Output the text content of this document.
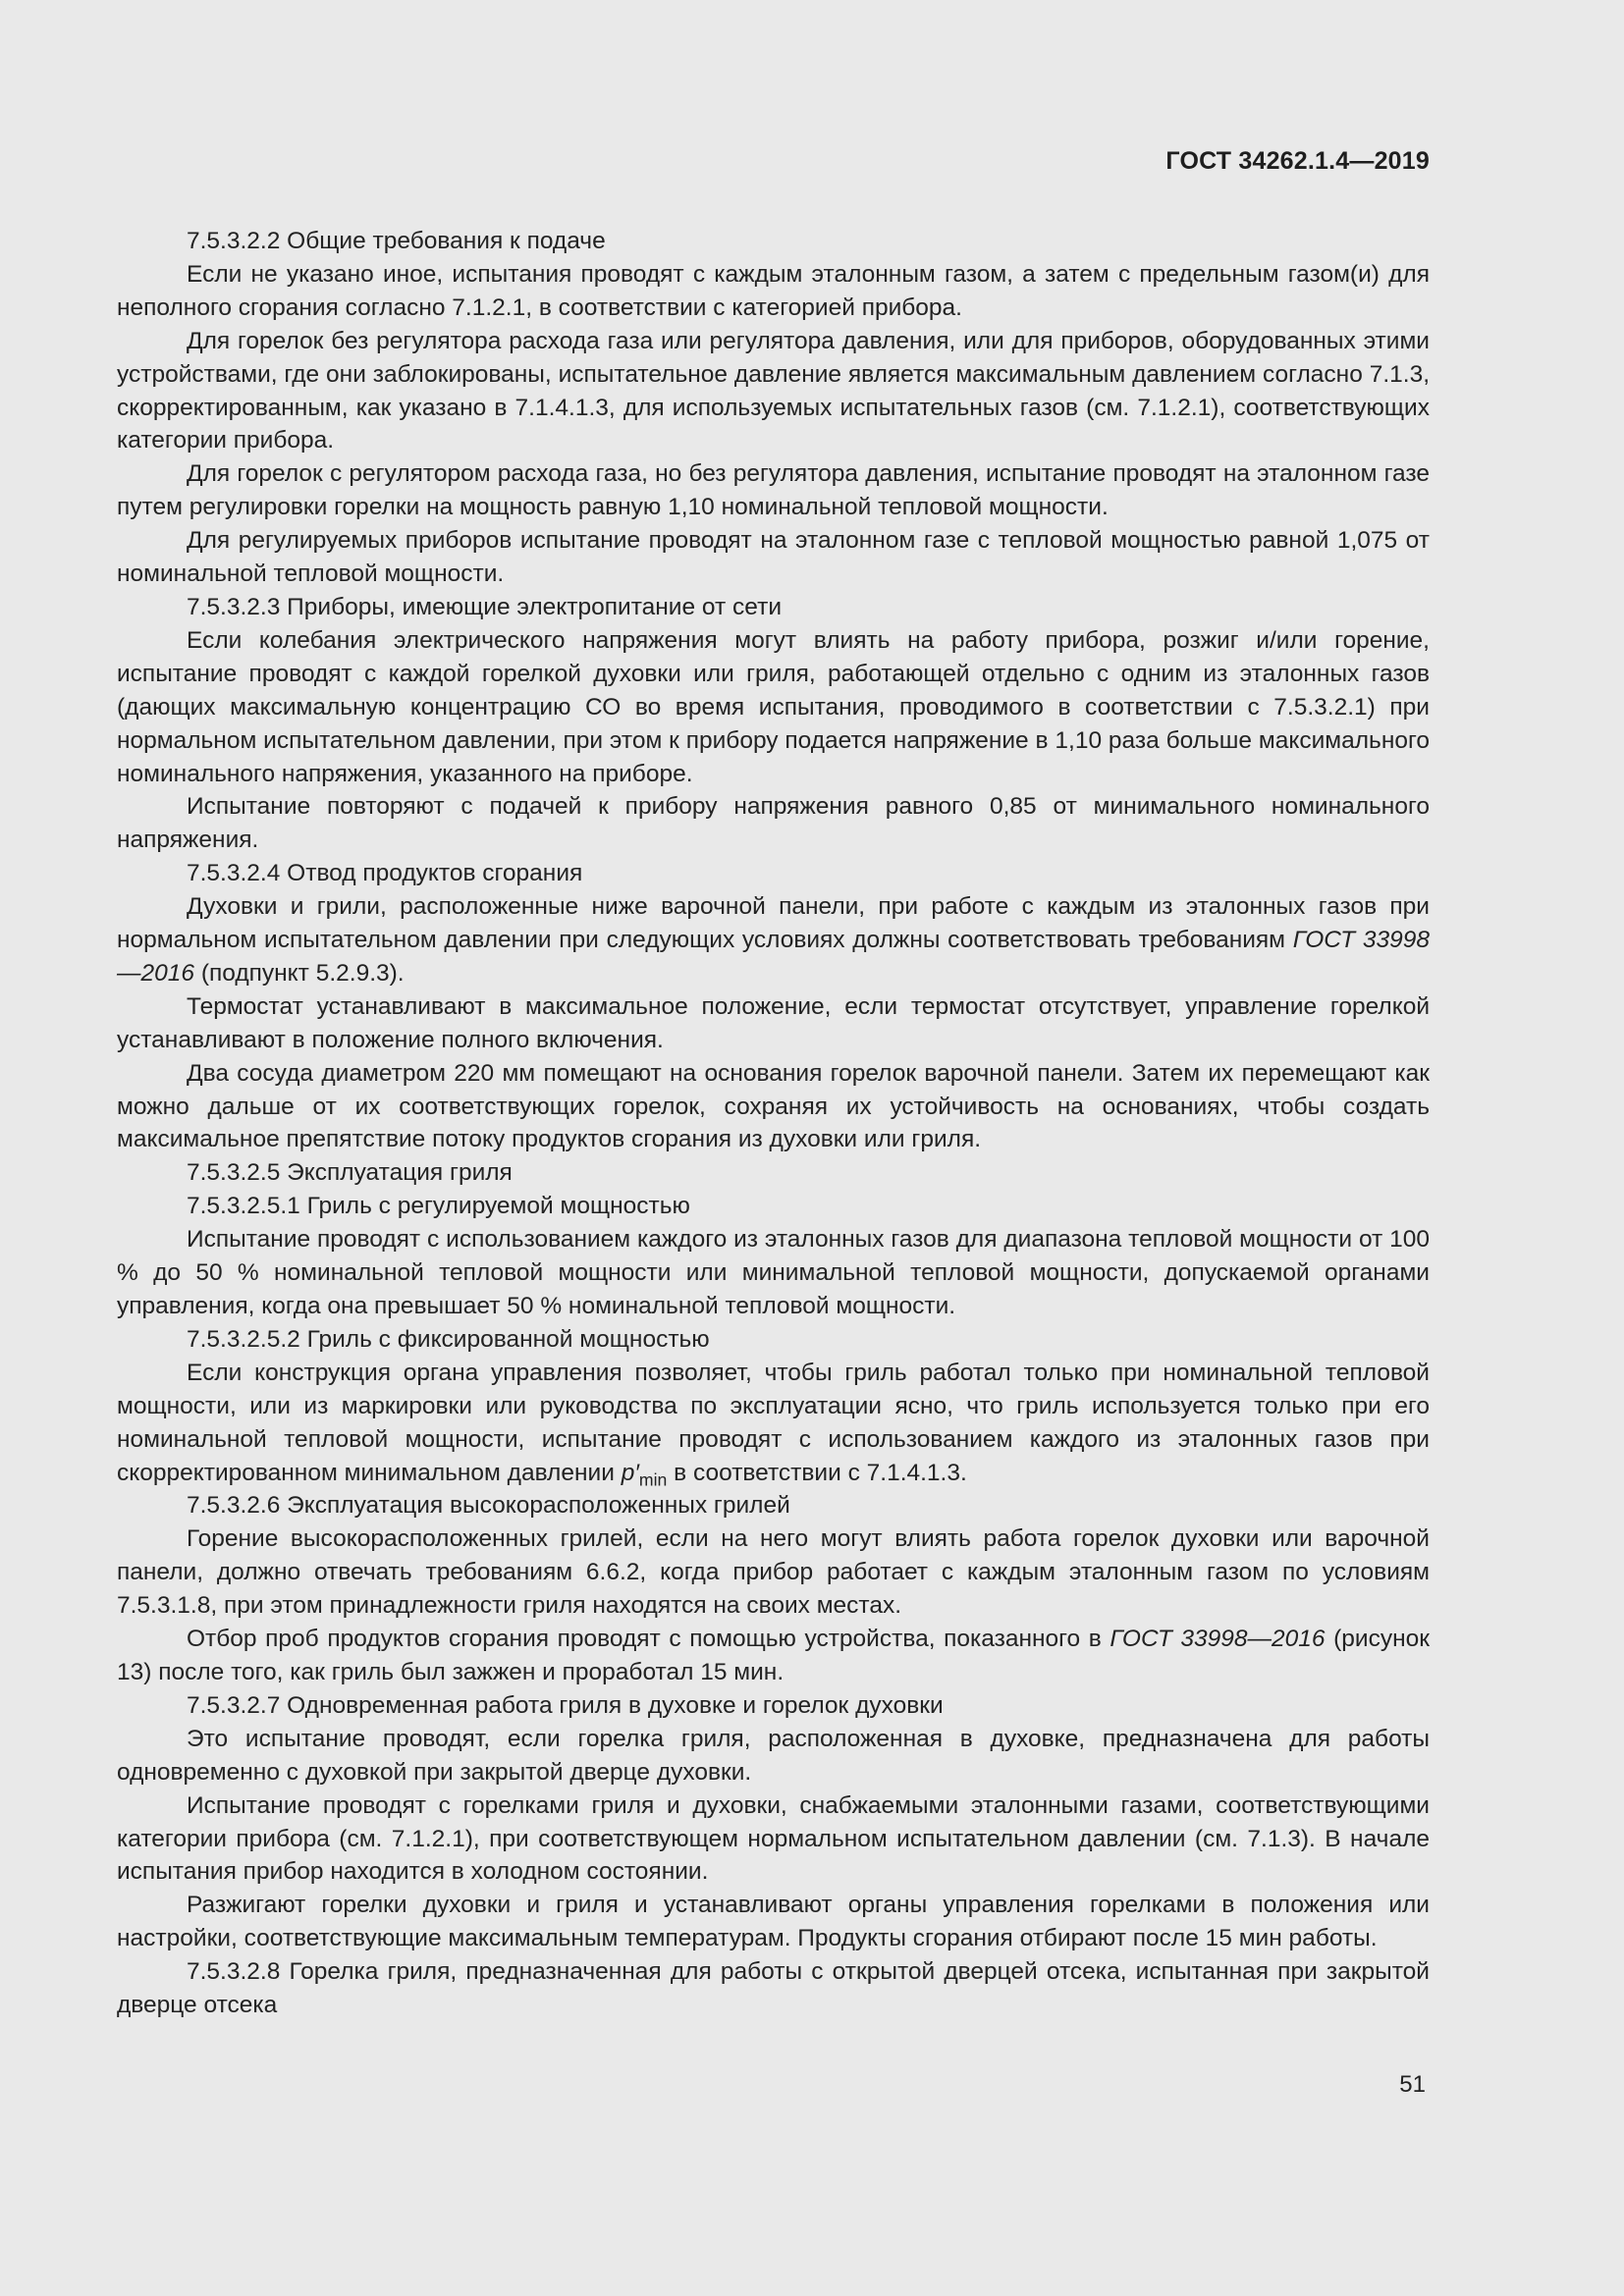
ГОСТ 34262.1.4—2019

7.5.3.2.2 Общие требования к подаче

Если не указано иное, испытания проводят с каждым эталонным газом, а затем с предельным газом(и) для неполного сгорания согласно 7.1.2.1, в соответствии с категорией прибора.

Для горелок без регулятора расхода газа или регулятора давления, или для приборов, оборудованных этими устройствами, где они заблокированы, испытательное давление является максимальным давлением согласно 7.1.3, скорректированным, как указано в 7.1.4.1.3, для используемых испытательных газов (см. 7.1.2.1), соответствующих категории прибора.

Для горелок с регулятором расхода газа, но без регулятора давления, испытание проводят на эталонном газе путем регулировки горелки на мощность равную 1,10 номинальной тепловой мощности.

Для регулируемых приборов испытание проводят на эталонном газе с тепловой мощностью равной 1,075 от номинальной тепловой мощности.

7.5.3.2.3 Приборы, имеющие электропитание от сети

Если колебания электрического напряжения могут влиять на работу прибора, розжиг и/или горение, испытание проводят с каждой горелкой духовки или гриля, работающей отдельно с одним из эталонных газов (дающих максимальную концентрацию СО во время испытания, проводимого в соответствии с 7.5.3.2.1) при нормальном испытательном давлении, при этом к прибору подается напряжение в 1,10 раза больше максимального номинального напряжения, указанного на приборе.

Испытание повторяют с подачей к прибору напряжения равного 0,85 от минимального номинального напряжения.

7.5.3.2.4 Отвод продуктов сгорания

Духовки и грили, расположенные ниже варочной панели, при работе с каждым из эталонных газов при нормальном испытательном давлении при следующих условиях должны соответствовать требованиям ГОСТ 33998—2016 (подпункт 5.2.9.3).

Термостат устанавливают в максимальное положение, если термостат отсутствует, управление горелкой устанавливают в положение полного включения.

Два сосуда диаметром 220 мм помещают на основания горелок варочной панели. Затем их перемещают как можно дальше от их соответствующих горелок, сохраняя их устойчивость на основаниях, чтобы создать максимальное препятствие потоку продуктов сгорания из духовки или гриля.

7.5.3.2.5 Эксплуатация гриля

7.5.3.2.5.1 Гриль с регулируемой мощностью

Испытание проводят с использованием каждого из эталонных газов для диапазона тепловой мощности от 100 % до 50 % номинальной тепловой мощности или минимальной тепловой мощности, допускаемой органами управления, когда она превышает 50 % номинальной тепловой мощности.

7.5.3.2.5.2 Гриль с фиксированной мощностью

Если конструкция органа управления позволяет, чтобы гриль работал только при номинальной тепловой мощности, или из маркировки или руководства по эксплуатации ясно, что гриль используется только при его номинальной тепловой мощности, испытание проводят с использованием каждого из эталонных газов при скорректированном минимальном давлении $p'_{min}$ в соответствии с 7.1.4.1.3.

7.5.3.2.6 Эксплуатация высокорасположенных грилей

Горение высокорасположенных грилей, если на него могут влиять работа горелок духовки или варочной панели, должно отвечать требованиям 6.6.2, когда прибор работает с каждым эталонным газом по условиям 7.5.3.1.8, при этом принадлежности гриля находятся на своих местах.

Отбор проб продуктов сгорания проводят с помощью устройства, показанного в ГОСТ 33998—2016 (рисунок 13) после того, как гриль был зажжен и проработал 15 мин.

7.5.3.2.7 Одновременная работа гриля в духовке и горелок духовки

Это испытание проводят, если горелка гриля, расположенная в духовке, предназначена для работы одновременно с духовкой при закрытой дверце духовки.

Испытание проводят с горелками гриля и духовки, снабжаемыми эталонными газами, соответствующими категории прибора (см. 7.1.2.1), при соответствующем нормальном испытательном давлении (см. 7.1.3). В начале испытания прибор находится в холодном состоянии.

Разжигают горелки духовки и гриля и устанавливают органы управления горелками в положения или настройки, соответствующие максимальным температурам. Продукты сгорания отбирают после 15 мин работы.

7.5.3.2.8 Горелка гриля, предназначенная для работы с открытой дверцей отсека, испытанная при закрытой дверце отсека

51
